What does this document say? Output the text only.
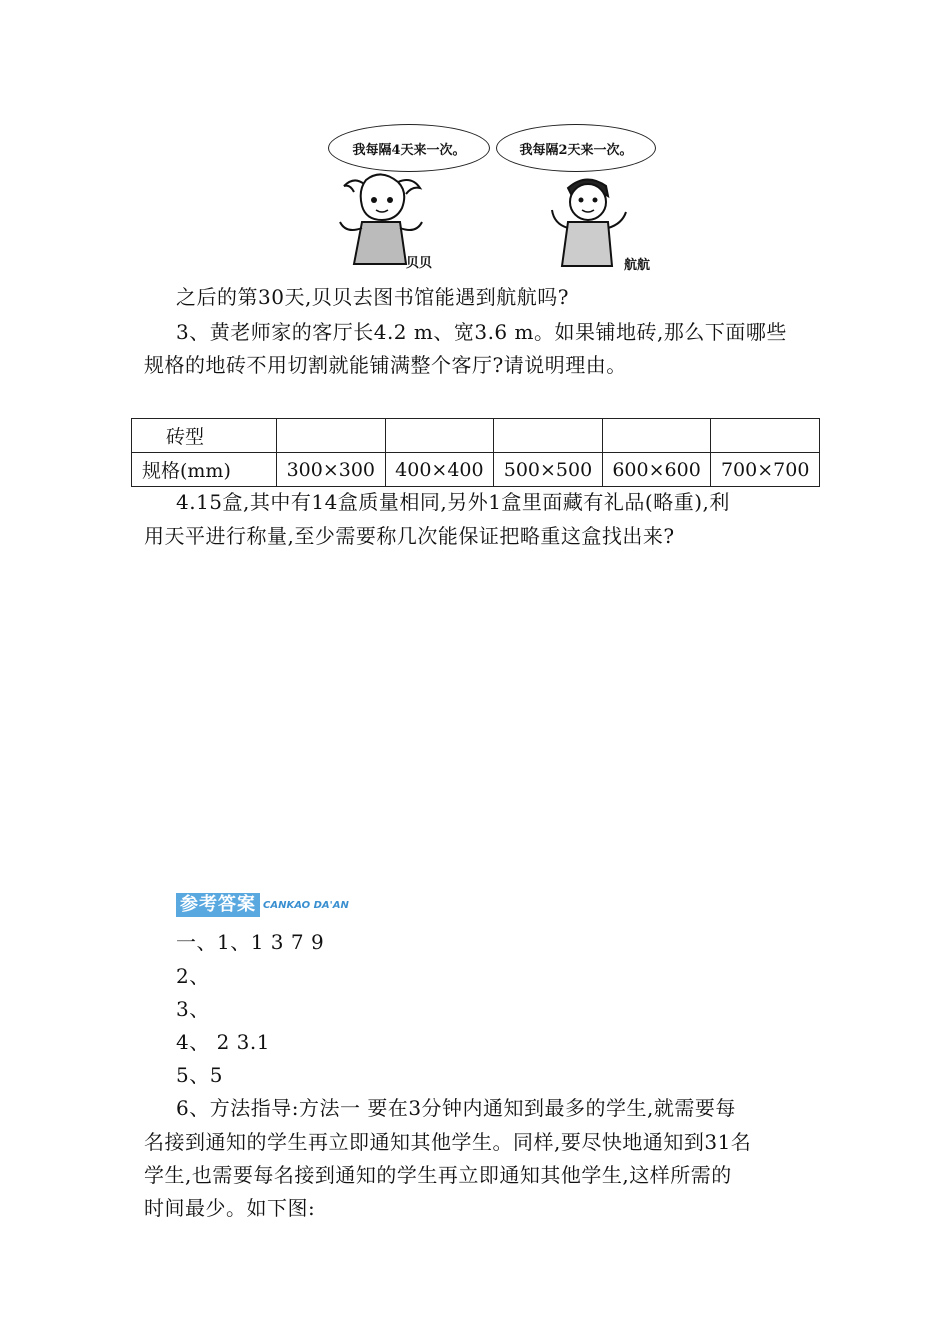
我每隔4天来一次。	我每隔2天来一次。
贝贝	航航
之后的第30天,贝贝去图书馆能遇到航航吗?
3、黄老师家的客厅长4.2 m、宽3.6 m。如果铺地砖,那么下面哪些
规格的地砖不用切割就能铺满整个客厅?请说明理由。
砖型					
规格(mm)	300×300	400×400	500×500	600×600	700×700
4.15盒,其中有14盒质量相同,另外1盒里面藏有礼品(略重),利
用天平进行称量,至少需要称几次能保证把略重这盒找出来?
参考答案 CANKAO DA'AN
一、1、1 3 7 9
2、
3、
4、 2 3.1
5、5
6、方法指导:方法一 要在3分钟内通知到最多的学生,就需要每
名接到通知的学生再立即通知其他学生。同样,要尽快地通知到31名
学生,也需要每名接到通知的学生再立即通知其他学生,这样所需的
时间最少。如下图:
